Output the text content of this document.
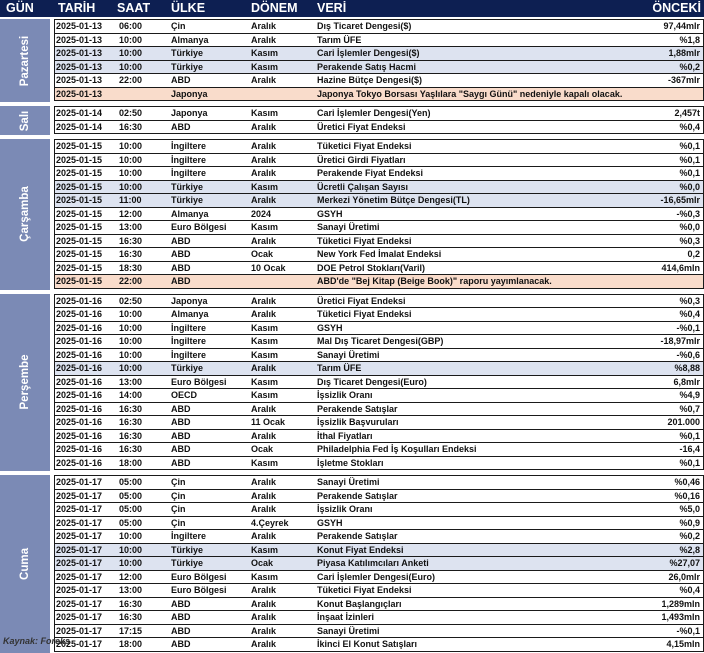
GÜN TARİH SAAT ÜLKE	DÖNEM VERİ	ÖNCEKİ
Pazartesi
2025-01-13 06:00	Çin	Aralık	Dış Ticaret Dengesi($)	97,44mlr
2025-01-13 10:00	Almanya	Aralık	Tarım ÜFE	%1,8
2025-01-13 10:00	Türkiye	Kasım	Cari İşlemler Dengesi($)	1,88mlr
2025-01-13 10:00	Türkiye	Kasım	Perakende Satış Hacmi	%0,2
2025-01-13 22:00	ABD	Aralık	Hazine Bütçe Dengesi($)	-367mlr
2025-01-13	Japonya	Japonya Tokyo Borsası Yaşlılara "Saygı Günü" nedeniyle kapalı olacak.
Salı	2025-01-14 02:50	Japonya	Kasım	Cari İşlemler Dengesi(Yen)	2,457t
2025-01-14 16:30	ABD	Aralık	Üretici Fiyat Endeksi	%0,4
Çarşamba
2025-01-15 10:00	İngiltere	Aralık	Tüketici Fiyat Endeksi	%0,1
2025-01-15 10:00	İngiltere	Aralık	Üretici Girdi Fiyatları	%0,1
2025-01-15 10:00	İngiltere	Aralık	Perakende Fiyat Endeksi	%0,1
2025-01-15 10:00	Türkiye	Kasım	Ücretli Çalışan Sayısı	%0,0
2025-01-15 11:00	Türkiye	Aralık	Merkezi Yönetim Bütçe Dengesi(TL)	-16,65mlr
2025-01-15 12:00	Almanya	2024	GSYH	-%0,3
2025-01-15 13:00	Euro Bölgesi	Kasım	Sanayi Üretimi	%0,0
2025-01-15 16:30	ABD	Aralık	Tüketici Fiyat Endeksi	%0,3
2025-01-15 16:30	ABD	Ocak	New York Fed İmalat Endeksi	0,2
2025-01-15 18:30	ABD	10 Ocak	DOE Petrol Stokları(Varil)	414,6mln
2025-01-15 22:00	ABD	ABD'de "Bej Kitap (Beige Book)" raporu yayımlanacak.
Perşembe
2025-01-16 02:50	Japonya	Aralık	Üretici Fiyat Endeksi	%0,3
2025-01-16 10:00	Almanya	Aralık	Tüketici Fiyat Endeksi	%0,4
2025-01-16 10:00	İngiltere	Kasım	GSYH	-%0,1
2025-01-16 10:00	İngiltere	Kasım	Mal Dış Ticaret Dengesi(GBP)	-18,97mlr
2025-01-16 10:00	İngiltere	Kasım	Sanayi Üretimi	-%0,6
2025-01-16 10:00	Türkiye	Aralık	Tarım ÜFE	%8,88
2025-01-16 13:00	Euro Bölgesi	Kasım	Dış Ticaret Dengesi(Euro)	6,8mlr
2025-01-16 14:00	OECD	Kasım	İşsizlik Oranı	%4,9
2025-01-16 16:30	ABD	Aralık	Perakende Satışlar	%0,7
2025-01-16 16:30	ABD	11 Ocak	İşsizlik Başvuruları	201.000
2025-01-16 16:30	ABD	Aralık	İthal Fiyatları	%0,1
2025-01-16 16:30	ABD	Ocak	Philadelphia Fed İş Koşulları Endeksi	-16,4
2025-01-16 18:00	ABD	Kasım	İşletme Stokları	%0,1
Cuma
2025-01-17 05:00	Çin	Aralık	Sanayi Üretimi	%0,46
2025-01-17 05:00	Çin	Aralık	Perakende Satışlar	%0,16
2025-01-17 05:00	Çin	Aralık	İşsizlik Oranı	%5,0
2025-01-17 05:00	Çin	4.Çeyrek	GSYH	%0,9
2025-01-17 10:00	İngiltere	Aralık	Perakende Satışlar	%0,2
2025-01-17 10:00	Türkiye	Kasım	Konut Fiyat Endeksi	%2,8
2025-01-17 10:00	Türkiye	Ocak	Piyasa Katılımcıları Anketi	%27,07
2025-01-17 12:00	Euro Bölgesi	Kasım	Cari İşlemler Dengesi(Euro)	26,0mlr
2025-01-17 13:00	Euro Bölgesi	Aralık	Tüketici Fiyat Endeksi	%0,4
2025-01-17 16:30	ABD	Aralık	Konut Başlangıçları	1,289mln
2025-01-17 16:30	ABD	Aralık	İnşaat İzinleri	1,493mln
2025-01-17 17:15	ABD	Aralık	Sanayi Üretimi	-%0,1
2025-01-17 18:00	ABD	Aralık	İkinci El Konut Satışları	4,15mln
Kaynak: Foreks
